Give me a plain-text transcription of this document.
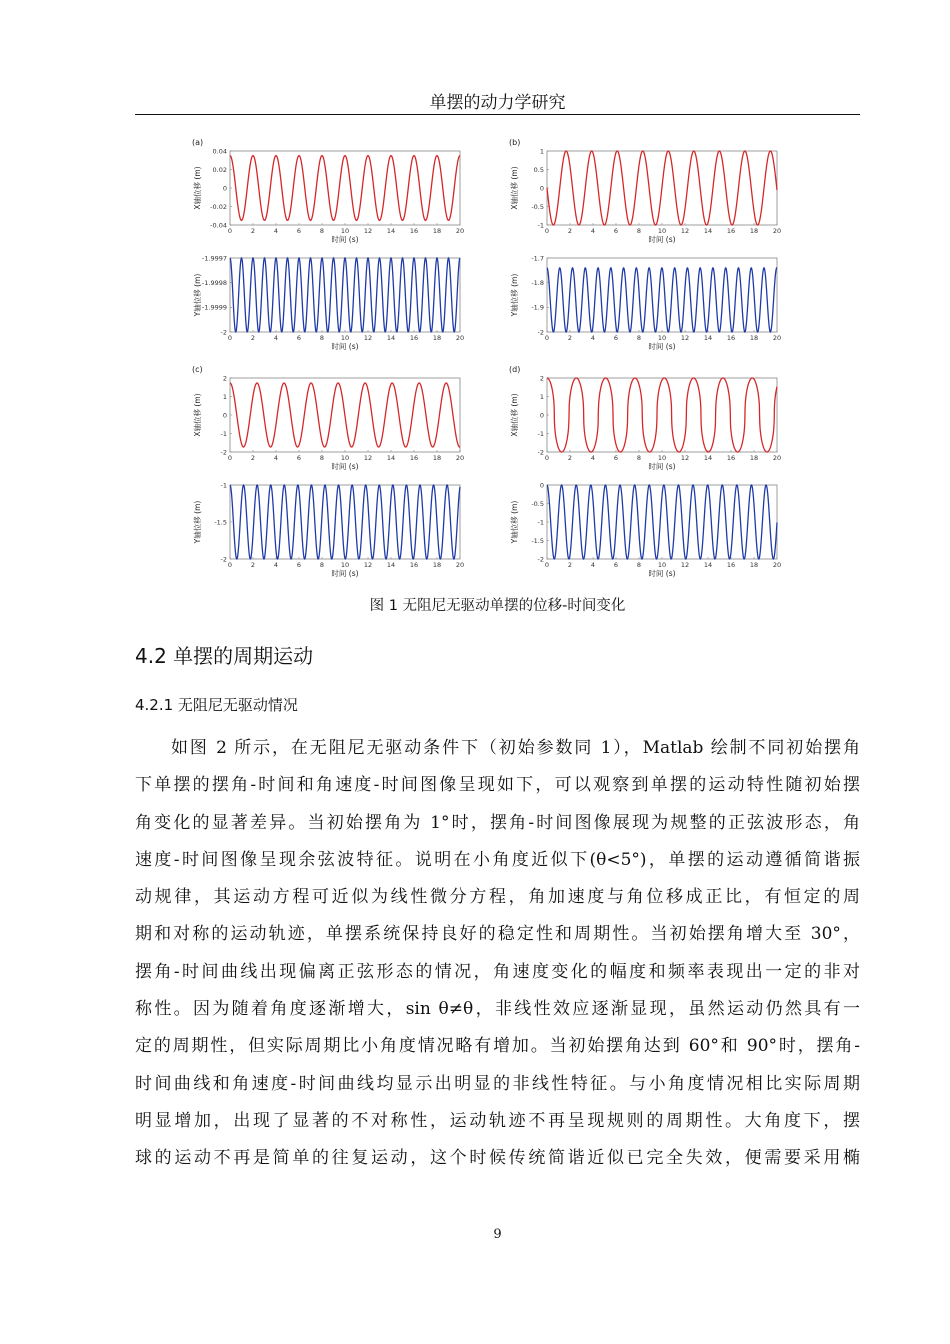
单摆的动力学研究
(a)
0	2	4	6	8	10 12 14 16 18 20
0.04
0.02
0
-0.02
-0.04
时间 (s)
X轴位移 (m)
0	2	4	6	8	10 12 14 16 18 20
-1.9997
-1.9998
-1.9999
-2
时间 (s)
Y轴位移 (m)
(b)
0	2	4	6	8	10 12 14 16 18 20
1
0.5
0
-0.5
-1
时间 (s)
X轴位移 (m)
0	2	4	6	8	10 12 14 16 18 20
-1.7
-1.8
-1.9
-2
时间 (s)
Y轴位移 (m)
(c)
0	2	4	6	8	10 12 14 16 18 20
2
1
0
-1
-2
时间 (s)
X轴位移 (m)
0	2	4	6	8	10 12 14 16 18 20
-1
-1.5
-2
时间 (s)
Y轴位移 (m)
(d)
0	2	4	6	8	10 12 14 16 18 20
2
1
0
-1
-2
时间 (s)
X轴位移 (m)
0	2	4	6	8	10 12 14 16 18 20
0
-0.5
-1
-1.5
-2
时间 (s)
Y轴位移 (m)
图 1 无阻尼无驱动单摆的位移-时间变化
4.2 单摆的周期运动
4.2.1 无阻尼无驱动情况
如图 2 所示，在无阻尼无驱动条件下（初始参数同 1），Matlab 绘制不同初始摆角
下单摆的摆角-时间和角速度-时间图像呈现如下，可以观察到单摆的运动特性随初始摆
角变化的显著差异。当初始摆角为 1°时，摆角-时间图像展现为规整的正弦波形态，角
速度-时间图像呈现余弦波特征。说明在小角度近似下(θ<5°)，单摆的运动遵循简谐振
动规律，其运动方程可近似为线性微分方程，角加速度与角位移成正比，有恒定的周
期和对称的运动轨迹，单摆系统保持良好的稳定性和周期性。当初始摆角增大至 30°，
摆角-时间曲线出现偏离正弦形态的情况，角速度变化的幅度和频率表现出一定的非对
称性。因为随着角度逐渐增大，sin θ≠θ，非线性效应逐渐显现，虽然运动仍然具有一
定的周期性，但实际周期比小角度情况略有增加。当初始摆角达到 60°和 90°时，摆角-
时间曲线和角速度-时间曲线均显示出明显的非线性特征。与小角度情况相比实际周期
明显增加，出现了显著的不对称性，运动轨迹不再呈现规则的周期性。大角度下，摆
球的运动不再是简单的往复运动，这个时候传统简谐近似已完全失效，便需要采用椭
9
